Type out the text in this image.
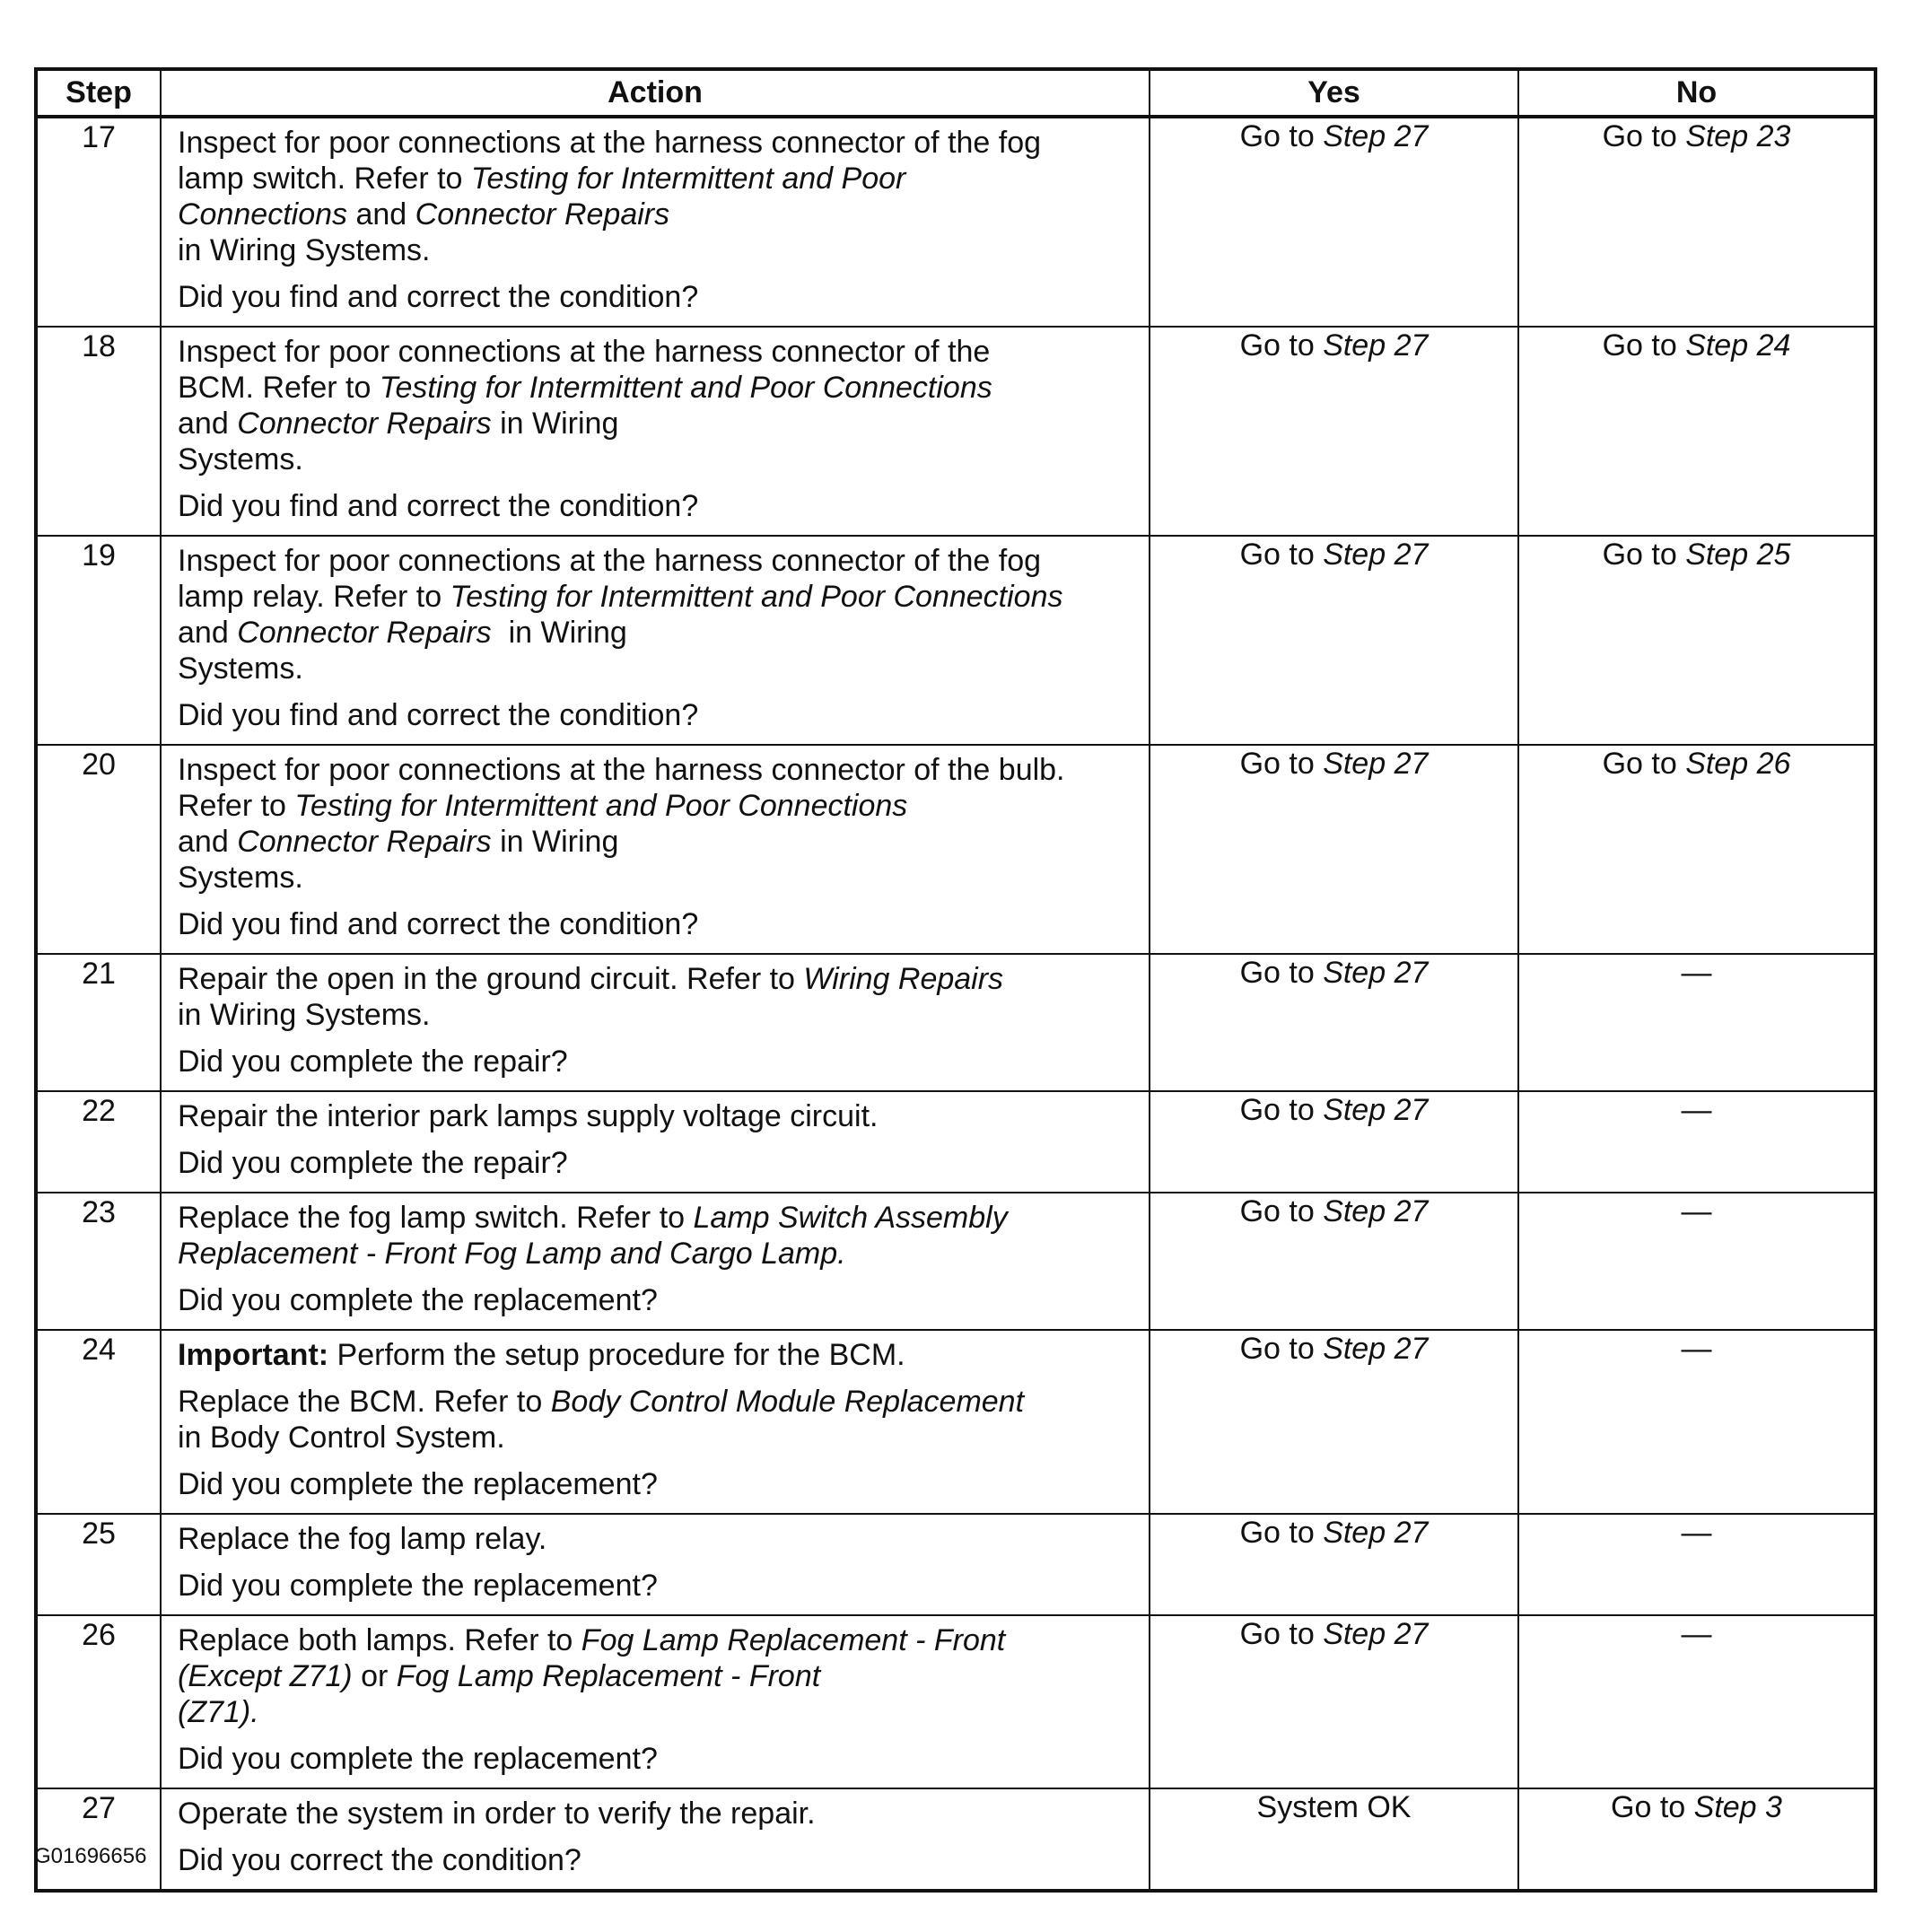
Step	Action	Yes	No
17	Inspect for poor connections at the harness connector of the fog
lamp switch. Refer to Testing for Intermittent and Poor
Connections and Connector Repairs
in Wiring Systems.
Did you find and correct the condition?	Go to Step 27	Go to Step 23
18	Inspect for poor connections at the harness connector of the
BCM. Refer to Testing for Intermittent and Poor Connections
and Connector Repairs in Wiring
Systems.
Did you find and correct the condition?	Go to Step 27	Go to Step 24
19	Inspect for poor connections at the harness connector of the fog
lamp relay. Refer to Testing for Intermittent and Poor Connections
and Connector Repairs  in Wiring
Systems.
Did you find and correct the condition?	Go to Step 27	Go to Step 25
20	Inspect for poor connections at the harness connector of the bulb.
Refer to Testing for Intermittent and Poor Connections
and Connector Repairs in Wiring
Systems.
Did you find and correct the condition?	Go to Step 27	Go to Step 26
21	Repair the open in the ground circuit. Refer to Wiring Repairs
in Wiring Systems.
Did you complete the repair?	Go to Step 27	—
22	Repair the interior park lamps supply voltage circuit.
Did you complete the repair?	Go to Step 27	—
23	Replace the fog lamp switch. Refer to Lamp Switch Assembly
Replacement - Front Fog Lamp and Cargo Lamp.
Did you complete the replacement?	Go to Step 27	—
24	Important: Perform the setup procedure for the BCM.
Replace the BCM. Refer to Body Control Module Replacement
in Body Control System.
Did you complete the replacement?	Go to Step 27	—
25	Replace the fog lamp relay.
Did you complete the replacement?	Go to Step 27	—
26	Replace both lamps. Refer to Fog Lamp Replacement - Front
(Except Z71) or Fog Lamp Replacement - Front
(Z71).
Did you complete the replacement?	Go to Step 27	—
27	Operate the system in order to verify the repair.
Did you correct the condition?	System OK	Go to Step 3
G01696656
